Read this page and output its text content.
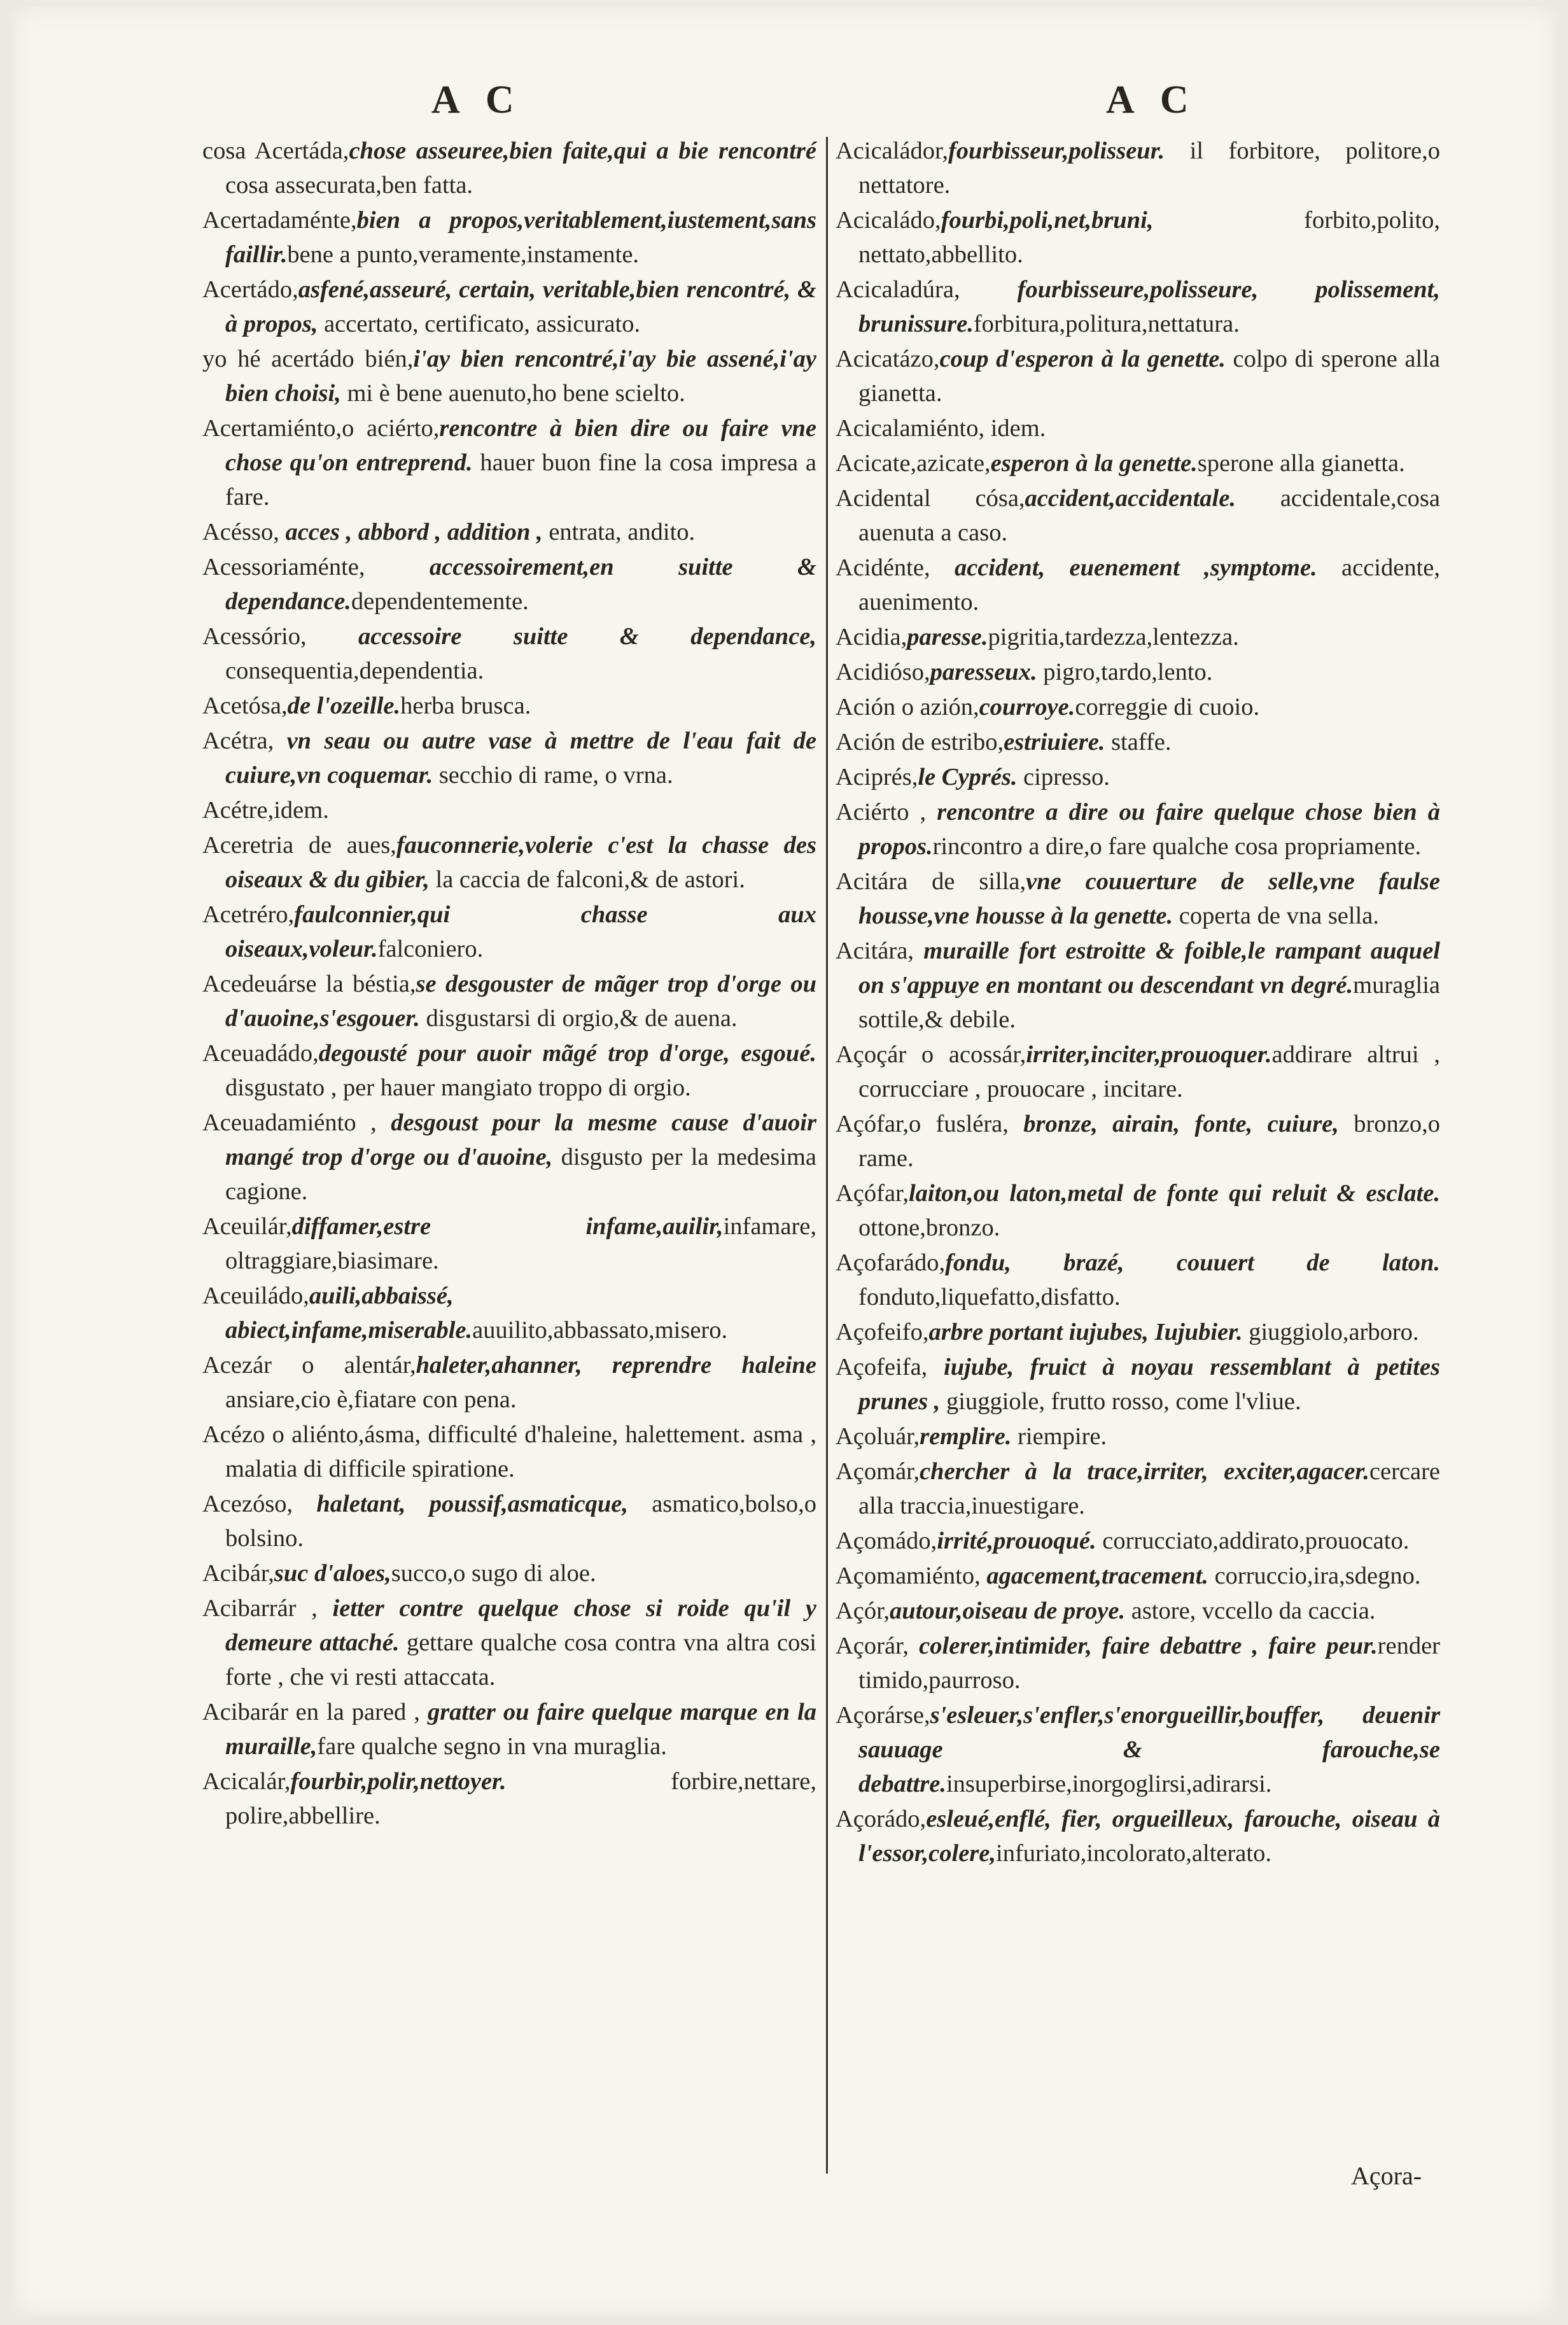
A C	A C

cosa Acertáda,chose asseuree,bien faite,qui a bie rencontré cosa assecurata,ben fatta.

Acertadaménte,bien a propos,veritablement,iustement,sans faillir.bene a punto,veramente,instamente.

Acertádo,asfené,asseuré, certain, veritable,bien rencontré, & à propos, accertato, certificato, assicurato.

yo hé acertádo bién,i'ay bien rencontré,i'ay bie assené,i'ay bien choisi, mi è bene auenuto,ho bene scielto.

Acertamiénto,o aciérto,rencontre à bien dire ou faire vne chose qu'on entreprend. hauer buon fine la cosa impresa a fare.

Acésso, acces , abbord , addition , entrata, andito.

Acessoriaménte, accessoirement,en suitte & dependance.dependentemente.

Acessório, accessoire suitte & dependance, consequentia,dependentia.

Acetósa,de l'ozeille.herba brusca.

Acétra, vn seau ou autre vase à mettre de l'eau fait de cuiure,vn coquemar. secchio di rame, o vrna.

Acétre,idem.

Aceretria de aues,fauconnerie,volerie c'est la chasse des oiseaux & du gibier, la caccia de falconi,& de astori.

Acetréro,faulconnier,qui chasse aux oiseaux,voleur.falconiero.

Acedeuárse la béstia,se desgouster de mãger trop d'orge ou d'auoine,s'esgouer. disgustarsi di orgio,& de auena.

Aceuadádo,degousté pour auoir mãgé trop d'orge, esgoué. disgustato , per hauer mangiato troppo di orgio.

Aceuadamiénto , desgoust pour la mesme cause d'auoir mangé trop d'orge ou d'auoine, disgusto per la medesima cagione.

Aceuilár,diffamer,estre infame,auilir,infamare, oltraggiare,biasimare.

Aceuiládo,auili,abbaissé, abiect,infame,miserable.auuilito,abbassato,misero.

Acezár o alentár,haleter,ahanner, reprendre haleine ansiare,cio è,fiatare con pena.

Acézo o aliénto,ásma, difficulté d'haleine, halettement. asma , malatia di difficile spiratione.

Acezóso, haletant, poussif,asmaticque, asmatico,bolso,o bolsino.

Acibár,suc d'aloes,succo,o sugo di aloe.

Acibarrár , ietter contre quelque chose si roide qu'il y demeure attaché. gettare qualche cosa contra vna altra cosi forte , che vi resti attaccata.

Acibarár en la pared , gratter ou faire quelque marque en la muraille,fare qualche segno in vna muraglia.

Acicalár,fourbir,polir,nettoyer. forbire,nettare, polire,abbellire.

Acicaládor,fourbisseur,polisseur. il forbitore, politore,o nettatore.

Acicaládo,fourbi,poli,net,bruni, forbito,polito, nettato,abbellito.

Acicaladúra, fourbisseure,polisseure, polissement, brunissure.forbitura,politura,nettatura.

Acicatázo,coup d'esperon à la genette. colpo di sperone alla gianetta.

Acicalamiénto, idem.

Acicate,azicate,esperon à la genette.sperone alla gianetta.

Acidental cósa,accident,accidentale. accidentale,cosa auenuta a caso.

Acidénte, accident, euenement ,symptome. accidente, auenimento.

Acidia,paresse.pigritia,tardezza,lentezza.

Acidióso,paresseux. pigro,tardo,lento.

Ación o azión,courroye.correggie di cuoio.

Ación de estribo,estriuiere. staffe.

Aciprés,le Cyprés. cipresso.

Aciérto , rencontre a dire ou faire quelque chose bien à propos.rincontro a dire,o fare qualche cosa propriamente.

Acitára de silla,vne couuerture de selle,vne faulse housse,vne housse à la genette. coperta de vna sella.

Acitára, muraille fort estroitte & foible,le rampant auquel on s'appuye en montant ou descendant vn degré.muraglia sottile,& debile.

Açoçár o acossár,irriter,inciter,prouoquer.addirare altrui , corrucciare , prouocare , incitare.

Açófar,o fusléra, bronze, airain, fonte, cuiure, bronzo,o rame.

Açófar,laiton,ou laton,metal de fonte qui reluit & esclate. ottone,bronzo.

Açofarádo,fondu, brazé, couuert de laton. fonduto,liquefatto,disfatto.

Açofeifo,arbre portant iujubes, Iujubier. giuggiolo,arboro.

Açofeifa, iujube, fruict à noyau ressemblant à petites prunes , giuggiole, frutto rosso, come l'vliue.

Açoluár,remplire. riempire.

Açomár,chercher à la trace,irriter, exciter,agacer.cercare alla traccia,inuestigare.

Açomádo,irrité,prouoqué. corrucciato,addirato,prouocato.

Açomamiénto, agacement,tracement. corruccio,ira,sdegno.

Açór,autour,oiseau de proye. astore, vccello da caccia.

Açorár, colerer,intimider, faire debattre , faire peur.render timido,paurroso.

Açorárse,s'esleuer,s'enfler,s'enorgueillir,bouffer, deuenir sauuage & farouche,se debattre.insuperbirse,inorgoglirsi,adirarsi.

Açorádo,esleué,enflé, fier, orgueilleux, farouche, oiseau à l'essor,colere,infuriato,incolorato,alterato.

Açora-
